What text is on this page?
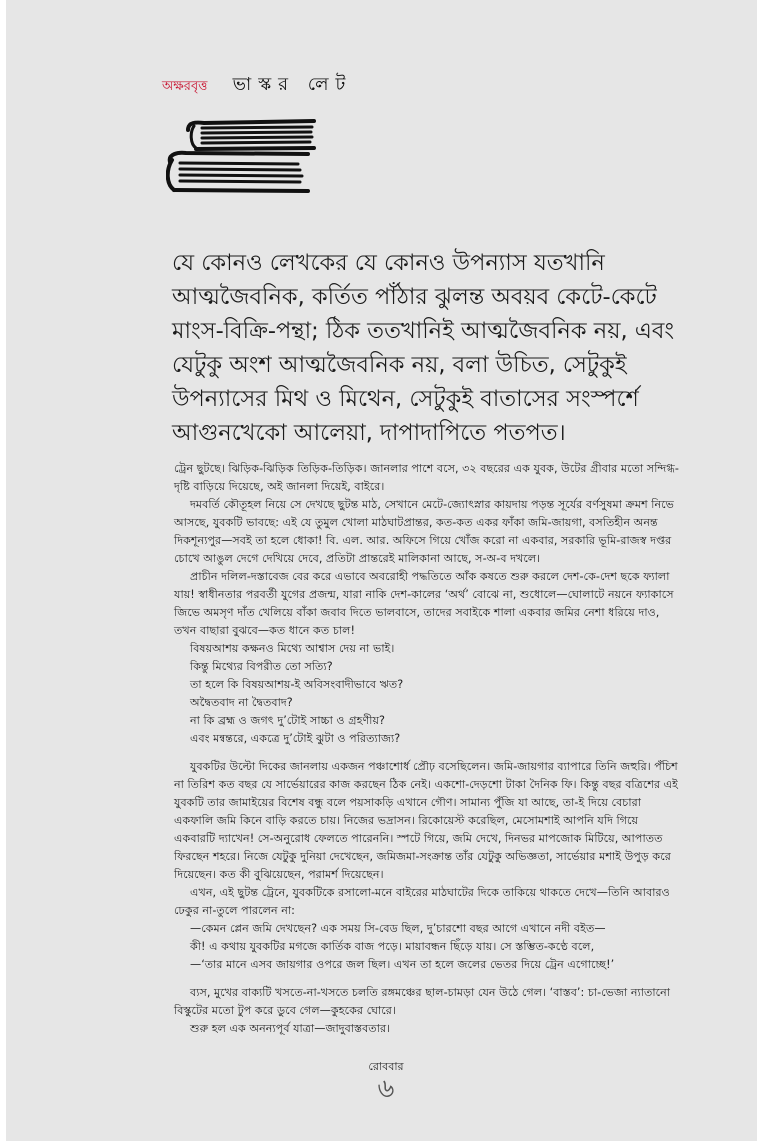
অক্ষরবৃত্ত ভাস্কর লেট

যে কোনও লেখকের যে কোনও উপন্যাস যতখানি আত্মজৈবনিক, কর্তিত পাঁঠার ঝুলন্ত অবয়ব কেটে-কেটে মাংস-বিক্রি-পন্থা; ঠিক ততখানিই আত্মজৈবনিক নয়, এবং যেটুকু অংশ আত্মজৈবনিক নয়, বলা উচিত, সেটুকুই উপন্যাসের মিথ ও মিথেন, সেটুকুই বাতাসের সংস্পর্শে আগুনখেকো আলেয়া, দাপাদাপিতে পতপত।

ট্রেন ছুটছে। ঝিড়িক-ঝিড়িক তিড়িক-তিড়িক। জানলার পাশে বসে, ৩২ বছরের এক যুবক, উটের গ্রীবার মতো সন্দিগ্ধ-দৃষ্টি বাড়িয়ে দিয়েছে, অই জানলা দিয়েই, বাইরে।

দমবর্তি কৌতূহল নিয়ে সে দেখছে ছুটন্ত মাঠ, সেখানে মেটে-জ্যোৎস্নার কায়দায় পড়ন্ত সূর্যের বর্ণসুষমা ক্রমশ নিভে আসছে, যুবকটি ভাবছে: এই যে তুমুল খোলা মাঠঘাটপ্রান্তর, কত-কত একর ফাঁকা জমি-জায়গা, বসতিহীন অনন্ত দিকশূন্যপুর—সবই তা হলে ধোকা! বি. এল. আর. অফিসে গিয়ে খোঁজ করো না একবার, সরকারি ভূমি-রাজস্ব দপ্তর চোখে আঙুল দেগে দেখিয়ে দেবে, প্রতিটা প্রান্তরেই মালিকানা আছে, স-অ-ব দখলে।

প্রাচীন দলিল-দস্তাবেজ বের করে এভাবে অবরোহী পদ্ধতিতে আঁক কষতে শুরু করলে দেশ-কে-দেশ ছকে ফ্যালা যায়! স্বাধীনতার পরবর্তী যুগের প্রজন্ম, যারা নাকি দেশ-কালের ‘অর্থ’ বোঝে না, শুধোলে—ঘোলাটে নয়নে ফ্যাকাসে জিভে অমসৃণ দাঁত খেলিয়ে বাঁকা জবাব দিতে ভালবাসে, তাদের সবাইকে শালা একবার জমির নেশা ধরিয়ে দাও, তখন বাছারা বুঝবে—কত ধানে কত চাল!

বিষয়আশয় কক্ষনও মিথ্যে আশ্বাস দেয় না ভাই।

কিন্তু মিথ্যের বিপরীত তো সত্যি?

তা হলে কি বিষয়আশয়-ই অবিসংবাদীভাবে ঋত?

অদ্বৈতবাদ না দ্বৈতবাদ?

না কি ব্রহ্ম ও জগৎ দু’টোই সাচ্চা ও গ্রহণীয়?

এবং মন্বন্তরে, একত্রে দু’টোই ঝুটা ও পরিত্যাজ্য?

যুবকটির উল্টো দিকের জানলায় একজন পঞ্চাশোর্ধ প্রৌঢ় বসেছিলেন। জমি-জায়গার ব্যাপারে তিনি জহুরি। পঁচিশ না তিরিশ কত বছর যে সার্ভেয়ারের কাজ করছেন ঠিক নেই। একশো-দেড়শো টাকা দৈনিক ফি। কিন্তু বছর বত্রিশের এই যুবকটি তার জামাইয়ের বিশেষ বন্ধু বলে পয়সাকড়ি এখানে গৌণ। সামান্য পুঁজি যা আছে, তা-ই দিয়ে বেচারা একফালি জমি কিনে বাড়ি করতে চায়। নিজের ভদ্রাসন। রিকোয়েস্ট করেছিল, মেসোমশাই আপনি যদি গিয়ে একবারটি দ্যাখেন! সে-অনুরোধ ফেলতে পারেননি। স্পটে গিয়ে, জমি দেখে, দিনভর মাপজোক মিটিয়ে, আপাতত ফিরছেন শহরে। নিজে যেটুকু দুনিয়া দেখেছেন, জমিজমা-সংক্রান্ত তাঁর যেটুকু অভিজ্ঞতা, সার্ভেয়ার মশাই উপুড় করে দিয়েছেন। কত কী বুঝিয়েছেন, পরামর্শ দিয়েছেন।

এখন, এই ছুটন্ত ট্রেনে, যুবকটিকে রসালো-মনে বাইরের মাঠঘাটের দিকে তাকিয়ে থাকতে দেখে—তিনি আবারও ঢেকুর না-তুলে পারলেন না:

—কেমন প্লেন জমি দেখছেন? এক সময় সি-বেড ছিল, দু’চারশো বছর আগে এখানে নদী বইত—

কী! এ কথায় যুবকটির মগজে কার্তিক বাজ পড়ে। মায়াবন্ধন ছিঁড়ে যায়। সে স্তম্ভিত-কণ্ঠে বলে,

—‘তার মানে এসব জায়গার ওপরে জল ছিল। এখন তা হলে জলের ভেতর দিয়ে ট্রেন এগোচ্ছে!’

ব্যস, মুখের বাক্যটি খসতে-না-খসতে চলতি রঙ্গমঞ্চের ছাল-চামড়া যেন উঠে গেল। ‘বাস্তব’: চা-ভেজা ন্যাতানো বিস্কুটের মতো টুপ করে ডুবে গেল—কুহকের ঘোরে।

শুরু হল এক অনন্যপূর্ব যাত্রা—জাদুবাস্তবতার।

রোববার
৬
